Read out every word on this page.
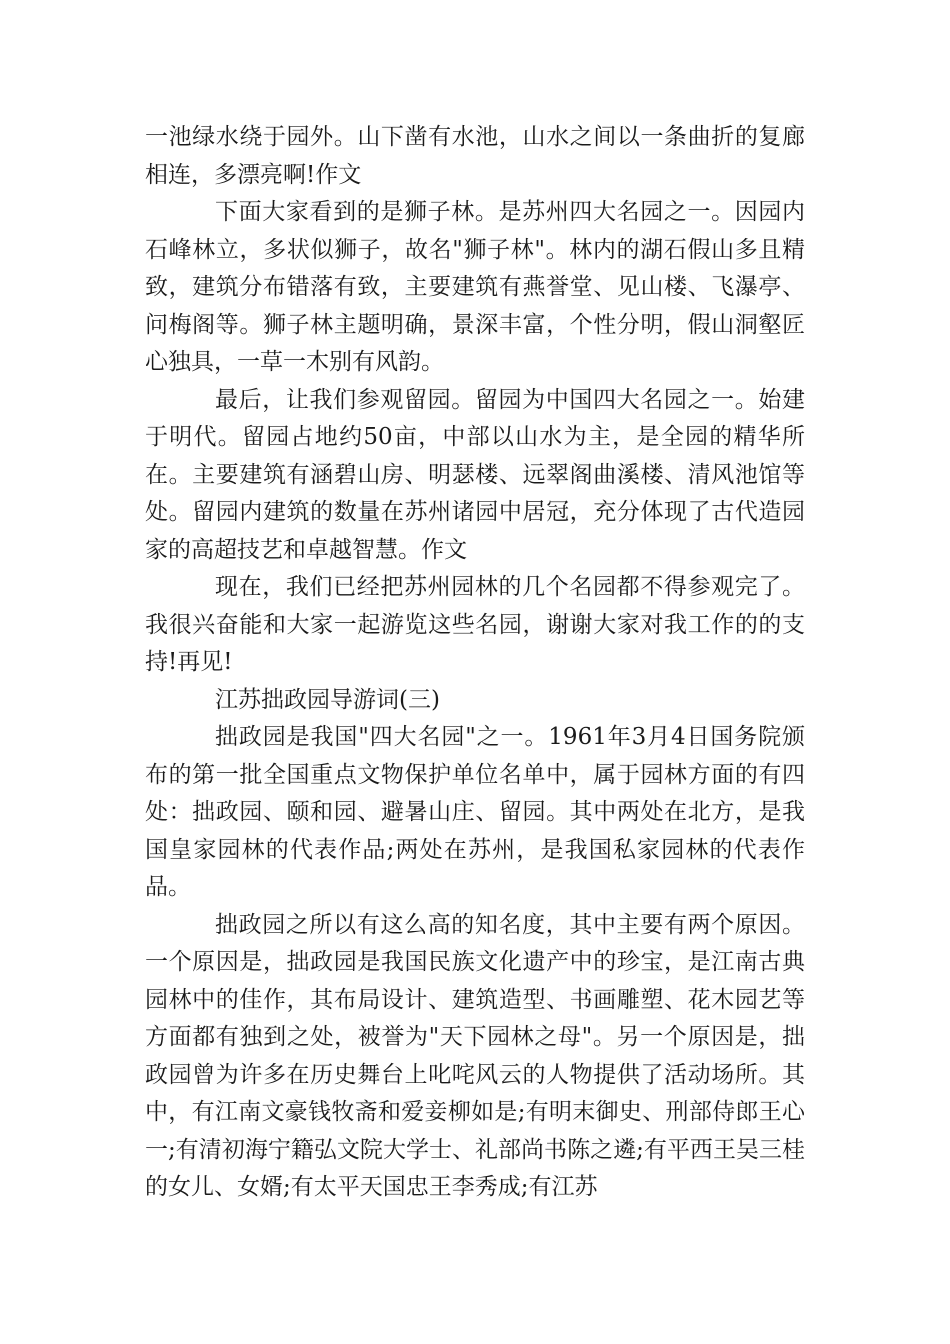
一池绿水绕于园外。山下凿有水池，山水之间以一条曲折的复廊相连，多漂亮啊!作文

下面大家看到的是狮子林。是苏州四大名园之一。因园内石峰林立，多状似狮子，故名"狮子林"。林内的湖石假山多且精致，建筑分布错落有致，主要建筑有燕誉堂、见山楼、飞瀑亭、问梅阁等。狮子林主题明确，景深丰富，个性分明，假山洞壑匠心独具，一草一木别有风韵。

最后，让我们参观留园。留园为中国四大名园之一。始建于明代。留园占地约50亩，中部以山水为主，是全园的精华所在。主要建筑有涵碧山房、明瑟楼、远翠阁曲溪楼、清风池馆等处。留园内建筑的数量在苏州诸园中居冠，充分体现了古代造园家的高超技艺和卓越智慧。作文

现在，我们已经把苏州园林的几个名园都不得参观完了。我很兴奋能和大家一起游览这些名园，谢谢大家对我工作的的支持!再见!

江苏拙政园导游词(三)

拙政园是我国"四大名园"之一。1961年3月4日国务院颁布的第一批全国重点文物保护单位名单中，属于园林方面的有四处：拙政园、颐和园、避暑山庄、留园。其中两处在北方，是我国皇家园林的代表作品;两处在苏州，是我国私家园林的代表作品。

拙政园之所以有这么高的知名度，其中主要有两个原因。一个原因是，拙政园是我国民族文化遗产中的珍宝，是江南古典园林中的佳作，其布局设计、建筑造型、书画雕塑、花木园艺等方面都有独到之处，被誉为"天下园林之母"。另一个原因是，拙政园曾为许多在历史舞台上叱咤风云的人物提供了活动场所。其中，有江南文豪钱牧斋和爱妾柳如是;有明末御史、刑部侍郎王心一;有清初海宁籍弘文院大学士、礼部尚书陈之遴;有平西王吴三桂的女儿、女婿;有太平天国忠王李秀成;有江苏
